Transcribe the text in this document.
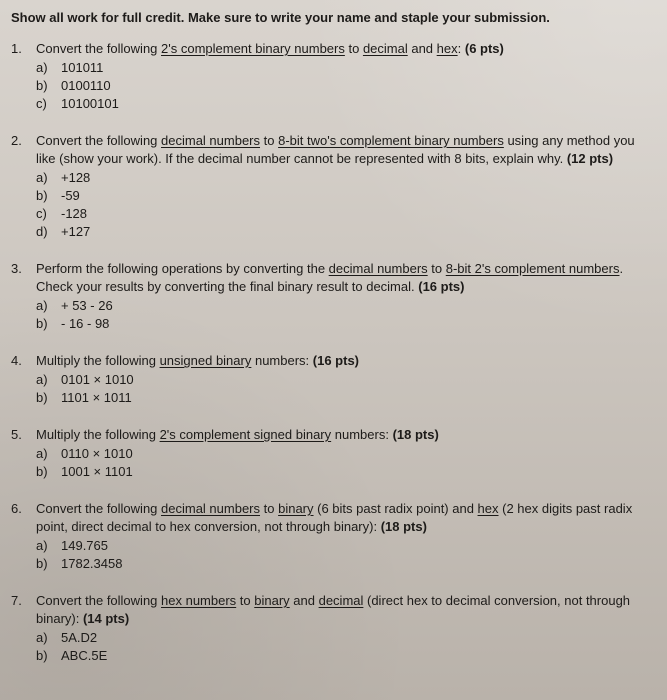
Show all work for full credit. Make sure to write your name and staple your submission.
1.	Convert the following 2's complement binary numbers to decimal and hex: (6 pts)
a)	101011
b)	0100110
c)	10100101
2.	Convert the following decimal numbers to 8-bit two's complement binary numbers using any method you like (show your work). If the decimal number cannot be represented with 8 bits, explain why. (12 pts)
a)	+128
b)	-59
c)	-128
d)	+127
3.	Perform the following operations by converting the decimal numbers to 8-bit 2's complement numbers. Check your results by converting the final binary result to decimal. (16 pts)
a)	+ 53 - 26
b)	- 16 - 98
4.	Multiply the following unsigned binary numbers: (16 pts)
a)	0101 × 1010
b)	1101 × 1011
5.	Multiply the following 2's complement signed binary numbers: (18 pts)
a)	0110 × 1010
b)	1001 × 1101
6.	Convert the following decimal numbers to binary (6 bits past radix point) and hex (2 hex digits past radix point, direct decimal to hex conversion, not through binary): (18 pts)
a)	149.765
b)	1782.3458
7.	Convert the following hex numbers to binary and decimal (direct hex to decimal conversion, not through binary): (14 pts)
a)	5A.D2
b)	ABC.5E
